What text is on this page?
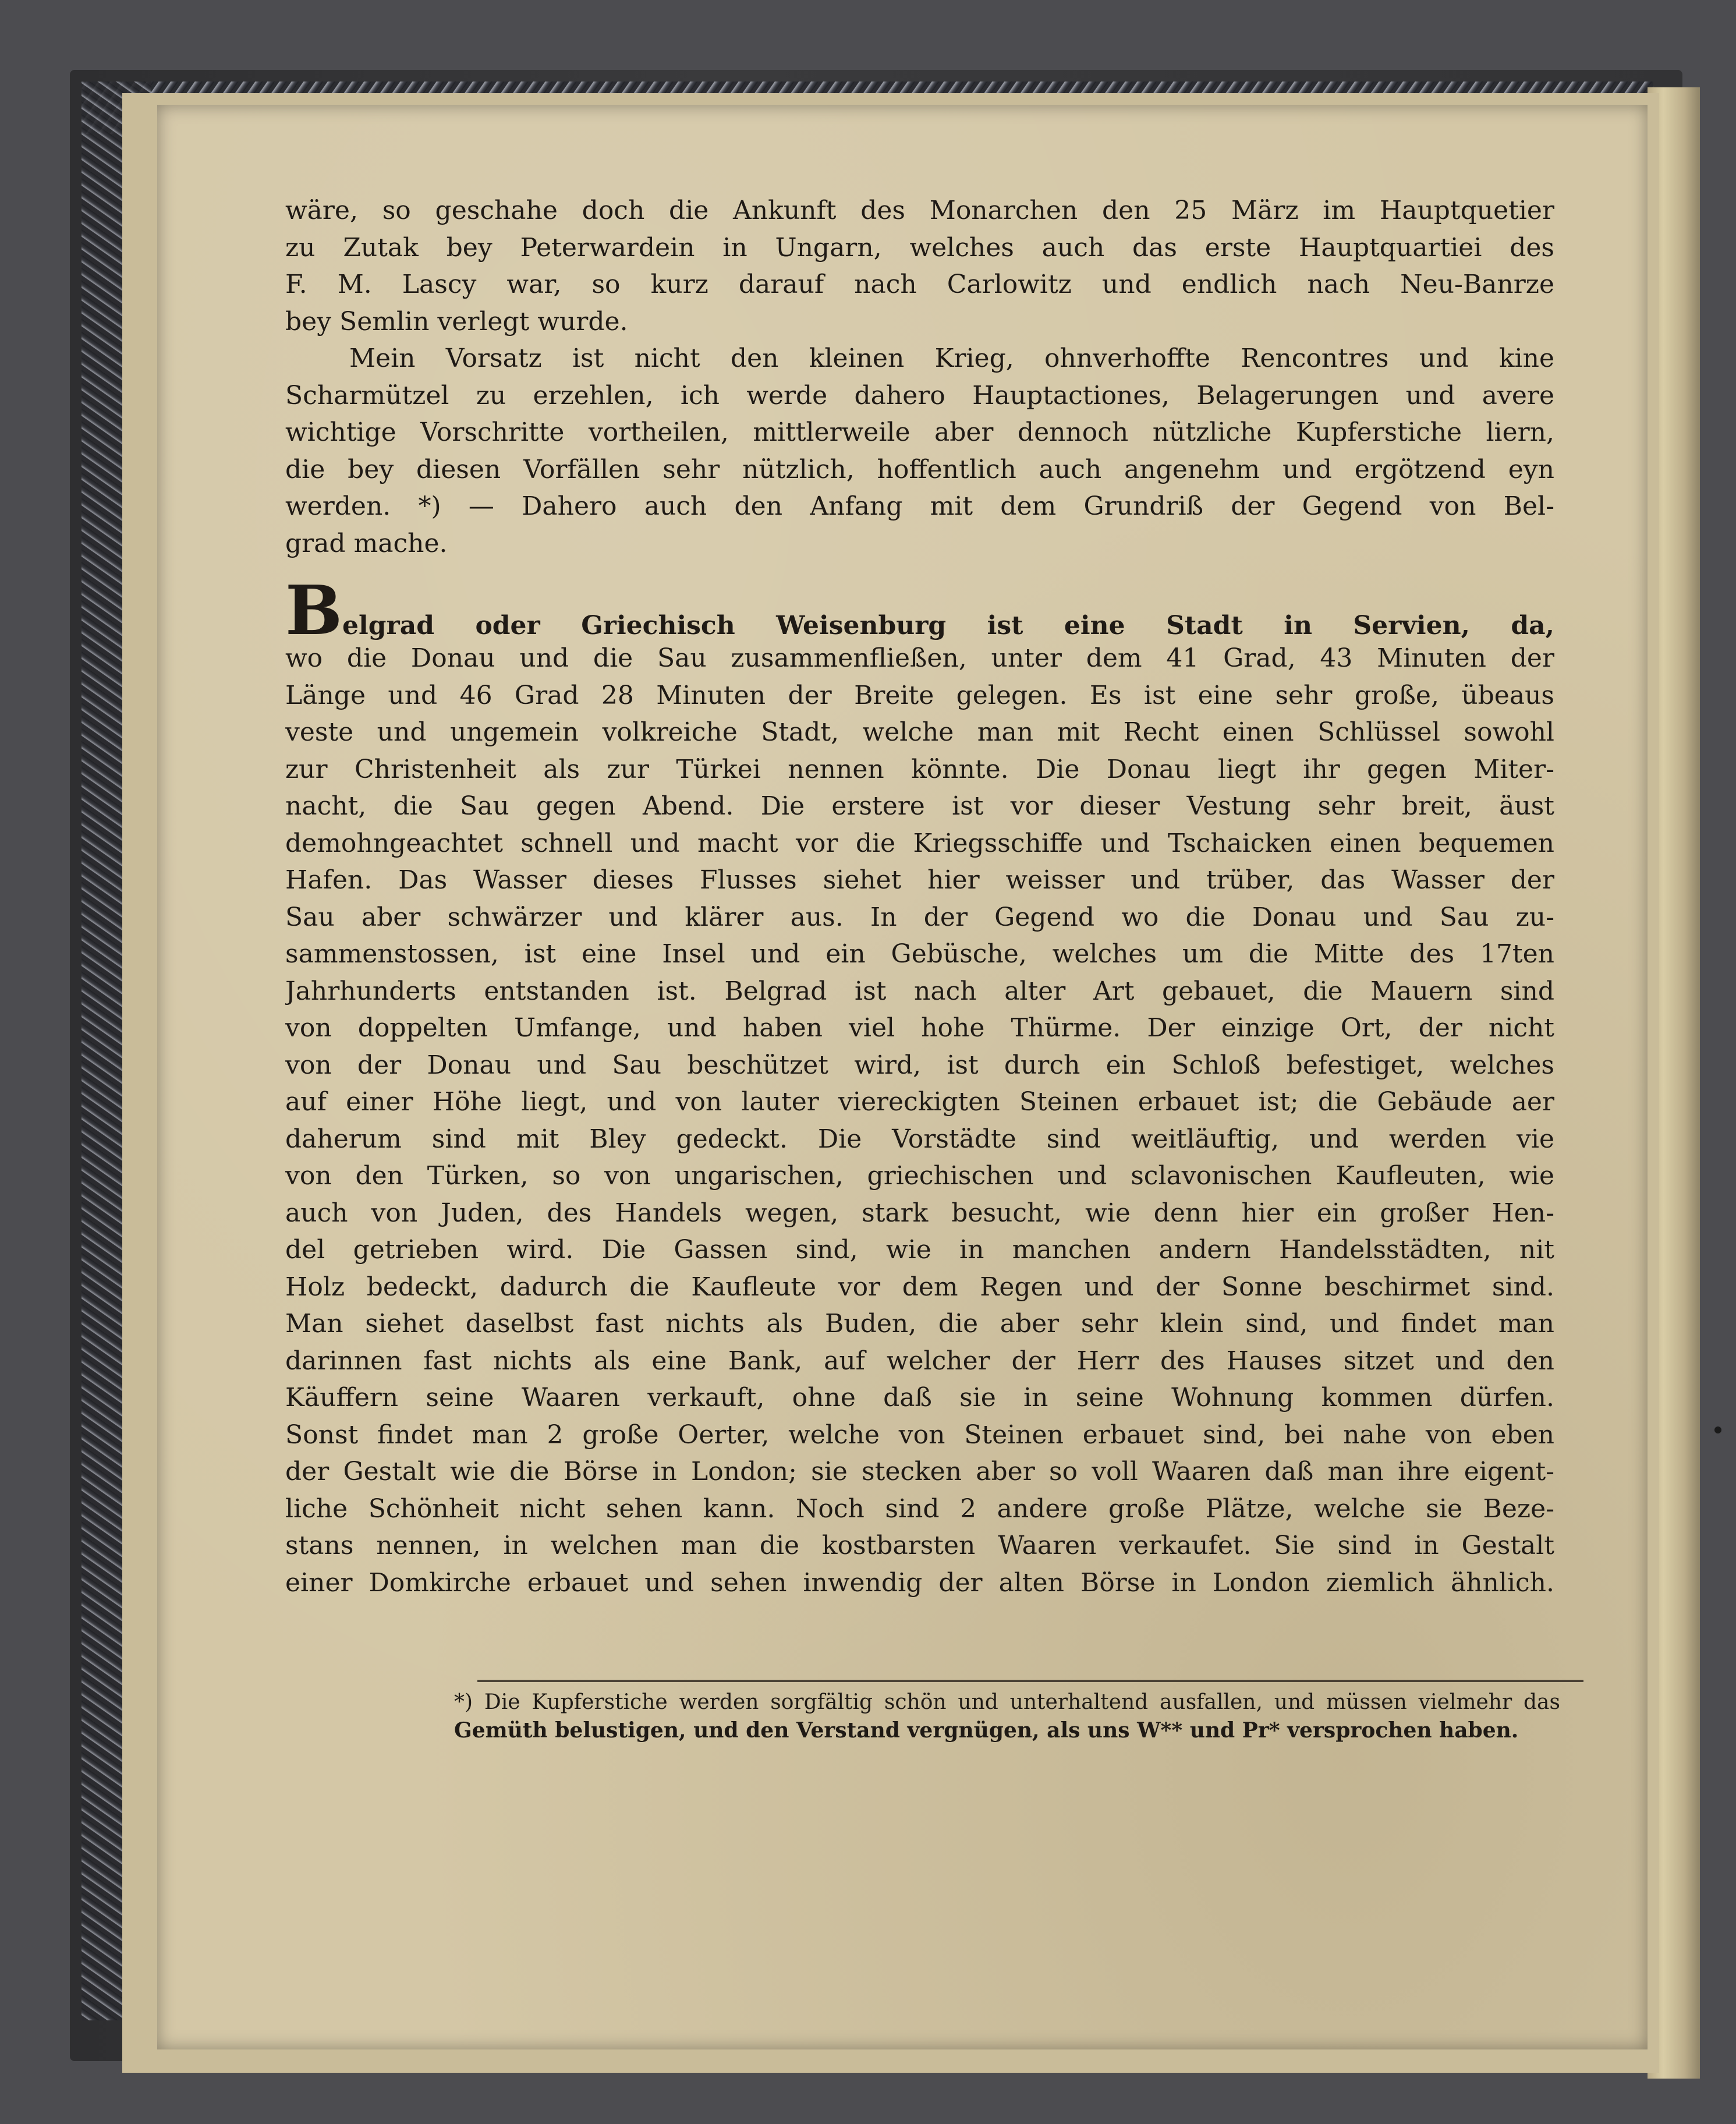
wäre, so geschahe doch die Ankunft des Monarchen den 25 März im Hauptquetier
zu Zutak bey Peterwardein in Ungarn, welches auch das erste Hauptquartiei des
F. M. Lascy war, so kurz darauf nach Carlowitz und endlich nach Neu-Banrze
bey Semlin verlegt wurde.
Mein Vorsatz ist nicht den kleinen Krieg, ohnverhoffte Rencontres und kine
Scharmützel zu erzehlen, ich werde dahero Hauptactiones, Belagerungen und avere
wichtige Vorschritte vortheilen, mittlerweile aber dennoch nützliche Kupferstiche liern,
die bey diesen Vorfällen sehr nützlich, hoffentlich auch angenehm und ergötzend eyn
werden. *) — Dahero auch den Anfang mit dem Grundriß der Gegend von Bel-
grad mache.
Belgrad oder Griechisch Weisenburg ist eine Stadt in Servien, da,
wo die Donau und die Sau zusammenfließen, unter dem 41 Grad, 43 Minuten der
Länge und 46 Grad 28 Minuten der Breite gelegen. Es ist eine sehr große, übeaus
veste und ungemein volkreiche Stadt, welche man mit Recht einen Schlüssel sowohl
zur Christenheit als zur Türkei nennen könnte. Die Donau liegt ihr gegen Miter-
nacht, die Sau gegen Abend. Die erstere ist vor dieser Vestung sehr breit, äust
demohngeachtet schnell und macht vor die Kriegsschiffe und Tschaicken einen bequemen
Hafen. Das Wasser dieses Flusses siehet hier weisser und trüber, das Wasser der
Sau aber schwärzer und klärer aus. In der Gegend wo die Donau und Sau zu-
sammenstossen, ist eine Insel und ein Gebüsche, welches um die Mitte des 17ten
Jahrhunderts entstanden ist. Belgrad ist nach alter Art gebauet, die Mauern sind
von doppelten Umfange, und haben viel hohe Thürme. Der einzige Ort, der nicht
von der Donau und Sau beschützet wird, ist durch ein Schloß befestiget, welches
auf einer Höhe liegt, und von lauter viereckigten Steinen erbauet ist; die Gebäude aer
daherum sind mit Bley gedeckt. Die Vorstädte sind weitläuftig, und werden vie
von den Türken, so von ungarischen, griechischen und sclavonischen Kaufleuten, wie
auch von Juden, des Handels wegen, stark besucht, wie denn hier ein großer Hen-
del getrieben wird. Die Gassen sind, wie in manchen andern Handelsstädten, nit
Holz bedeckt, dadurch die Kaufleute vor dem Regen und der Sonne beschirmet sind.
Man siehet daselbst fast nichts als Buden, die aber sehr klein sind, und findet man
darinnen fast nichts als eine Bank, auf welcher der Herr des Hauses sitzet und den
Käuffern seine Waaren verkauft, ohne daß sie in seine Wohnung kommen dürfen.
Sonst findet man 2 große Oerter, welche von Steinen erbauet sind, bei nahe von eben
der Gestalt wie die Börse in London; sie stecken aber so voll Waaren daß man ihre eigent-
liche Schönheit nicht sehen kann. Noch sind 2 andere große Plätze, welche sie Beze-
stans nennen, in welchen man die kostbarsten Waaren verkaufet. Sie sind in Gestalt
einer Domkirche erbauet und sehen inwendig der alten Börse in London ziemlich ähnlich.
*) Die Kupferstiche werden sorgfältig schön und unterhaltend ausfallen, und müssen vielmehr das
Gemüth belustigen, und den Verstand vergnügen, als uns W** und Pr* versprochen haben.
